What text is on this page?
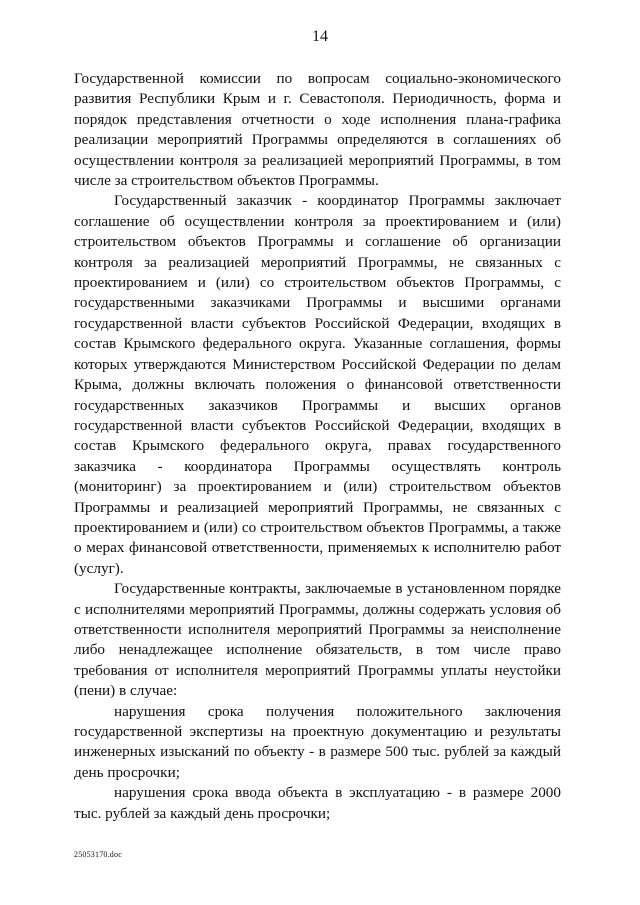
14

Государственной комиссии по вопросам социально-экономического развития Республики Крым и г. Севастополя. Периодичность, форма и порядок представления отчетности о ходе исполнения плана-графика реализации мероприятий Программы определяются в соглашениях об осуществлении контроля за реализацией мероприятий Программы, в том числе за строительством объектов Программы.

Государственный заказчик - координатор Программы заключает соглашение об осуществлении контроля за проектированием и (или) строительством объектов Программы и соглашение об организации контроля за реализацией мероприятий Программы, не связанных с проектированием и (или) со строительством объектов Программы, с государственными заказчиками Программы и высшими органами государственной власти субъектов Российской Федерации, входящих в состав Крымского федерального округа. Указанные соглашения, формы которых утверждаются Министерством Российской Федерации по делам Крыма, должны включать положения о финансовой ответственности государственных заказчиков Программы и высших органов государственной власти субъектов Российской Федерации, входящих в состав Крымского федерального округа, правах государственного заказчика - координатора Программы осуществлять контроль (мониторинг) за проектированием и (или) строительством объектов Программы и реализацией мероприятий Программы, не связанных с проектированием и (или) со строительством объектов Программы, а также о мерах финансовой ответственности, применяемых к исполнителю работ (услуг).

Государственные контракты, заключаемые в установленном порядке с исполнителями мероприятий Программы, должны содержать условия об ответственности исполнителя мероприятий Программы за неисполнение либо ненадлежащее исполнение обязательств, в том числе право требования от исполнителя мероприятий Программы уплаты неустойки (пени) в случае:

нарушения срока получения положительного заключения государственной экспертизы на проектную документацию и результаты инженерных изысканий по объекту - в размере 500 тыс. рублей за каждый день просрочки;

нарушения срока ввода объекта в эксплуатацию - в размере 2000 тыс. рублей за каждый день просрочки;

25053170.doc
